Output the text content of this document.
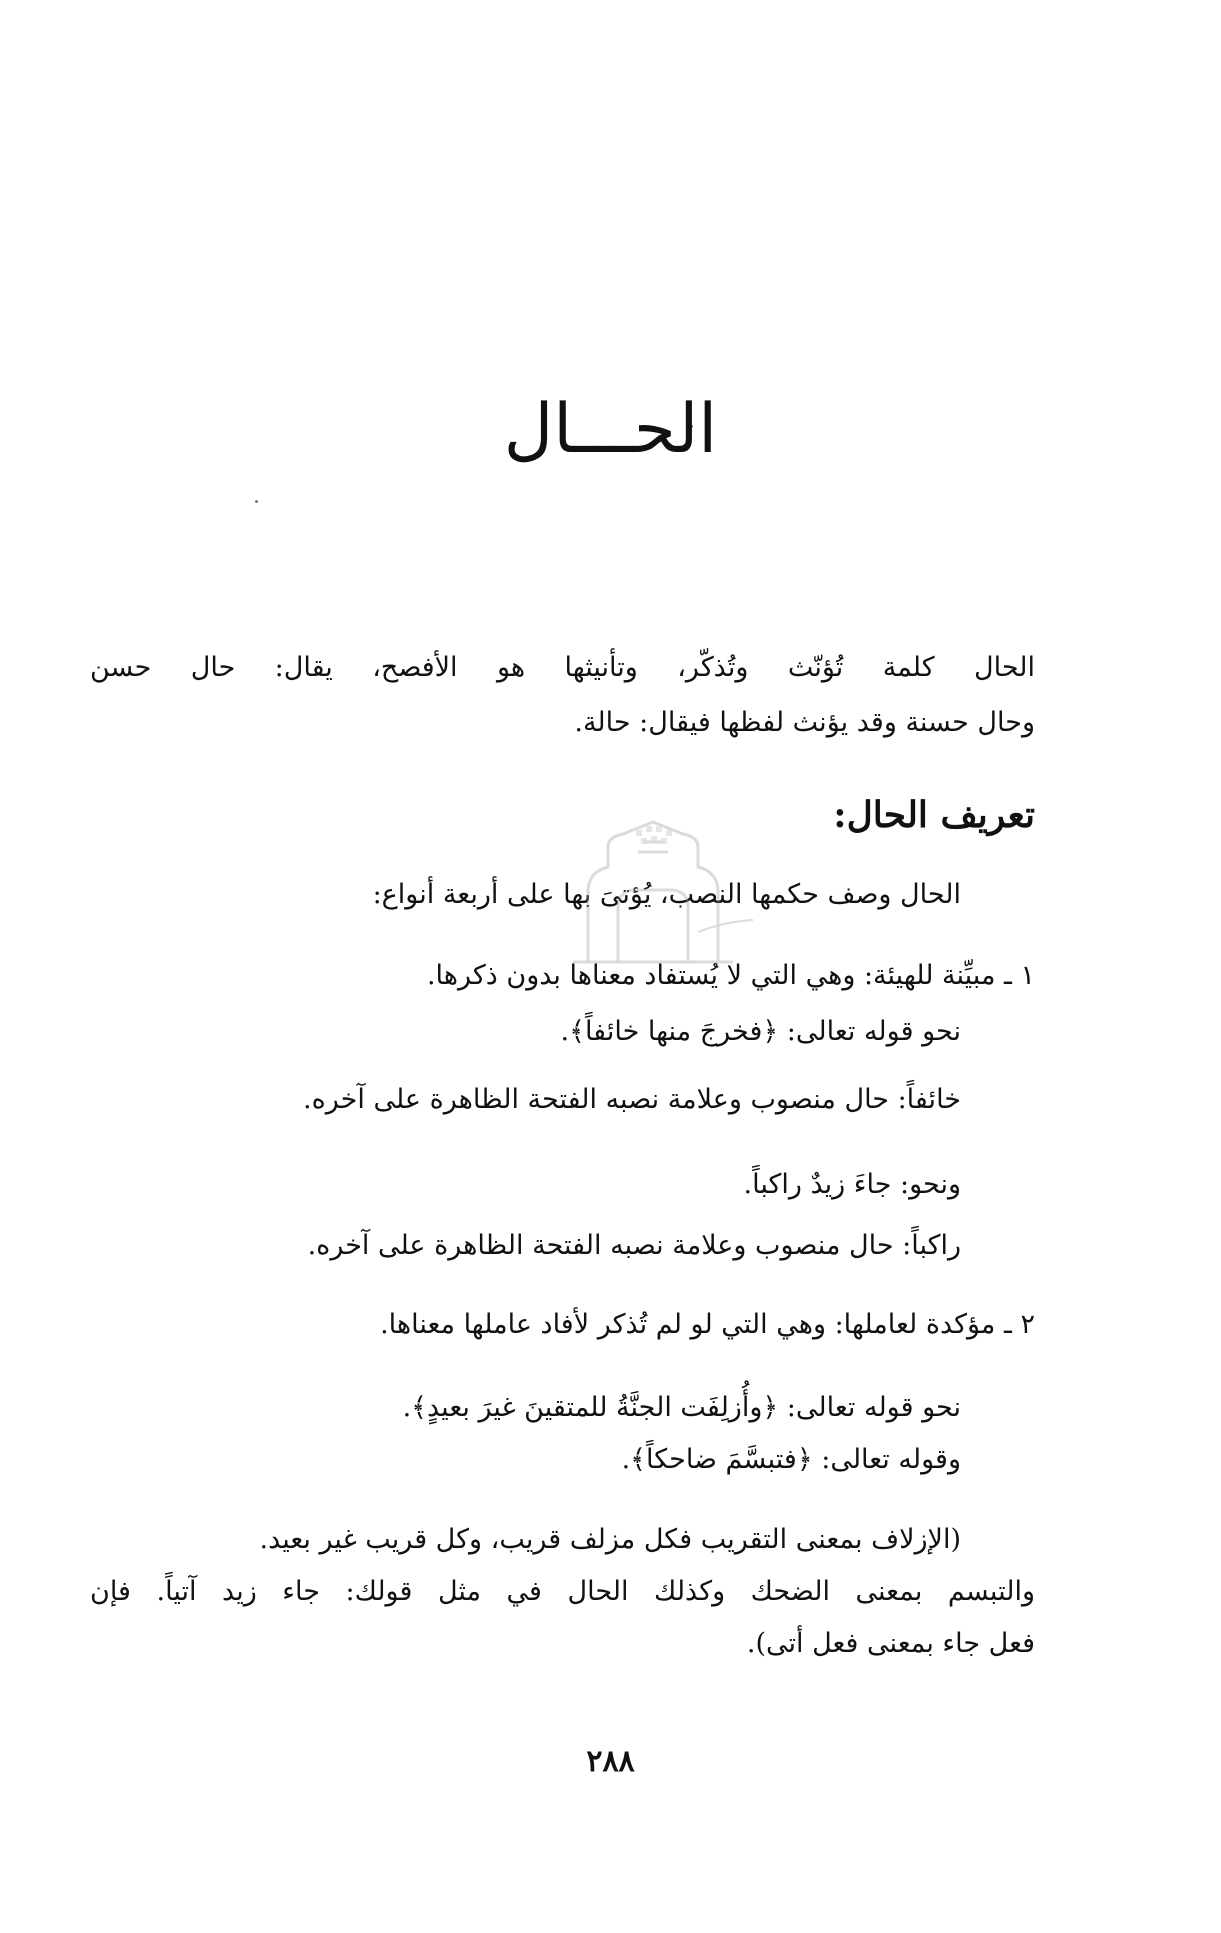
الحـــال
الحال كلمة تُؤنّث وتُذكّر، وتأنيثها هو الأفصح، يقال: حال حسن
وحال حسنة وقد يؤنث لفظها فيقال: حالة.
تعريف الحال:
الحال وصف حكمها النصب، يُؤتىَ بها على أربعة أنواع:
١ ـ مبيِّنة للهيئة: وهي التي لا يُستفاد معناها بدون ذكرها.
نحو قوله تعالى: ﴿فخرجَ منها خائفاً﴾.
خائفاً: حال منصوب وعلامة نصبه الفتحة الظاهرة على آخره.
ونحو: جاءَ زيدٌ راكباً.
راكباً: حال منصوب وعلامة نصبه الفتحة الظاهرة على آخره.
٢ ـ مؤكدة لعاملها: وهي التي لو لم تُذكر لأفاد عاملها معناها.
نحو قوله تعالى: ﴿وأُزلِفَت الجنَّةُ للمتقينَ غيرَ بعيدٍ﴾.
وقوله تعالى: ﴿فتبسَّمَ ضاحكاً﴾.
(الإزلاف بمعنى التقريب فكل مزلف قريب، وكل قريب غير بعيد.
والتبسم بمعنى الضحك وكذلك الحال في مثل قولك: جاء زيد آتياً. فإن
فعل جاء بمعنى فعل أتى).
٢٨٨
